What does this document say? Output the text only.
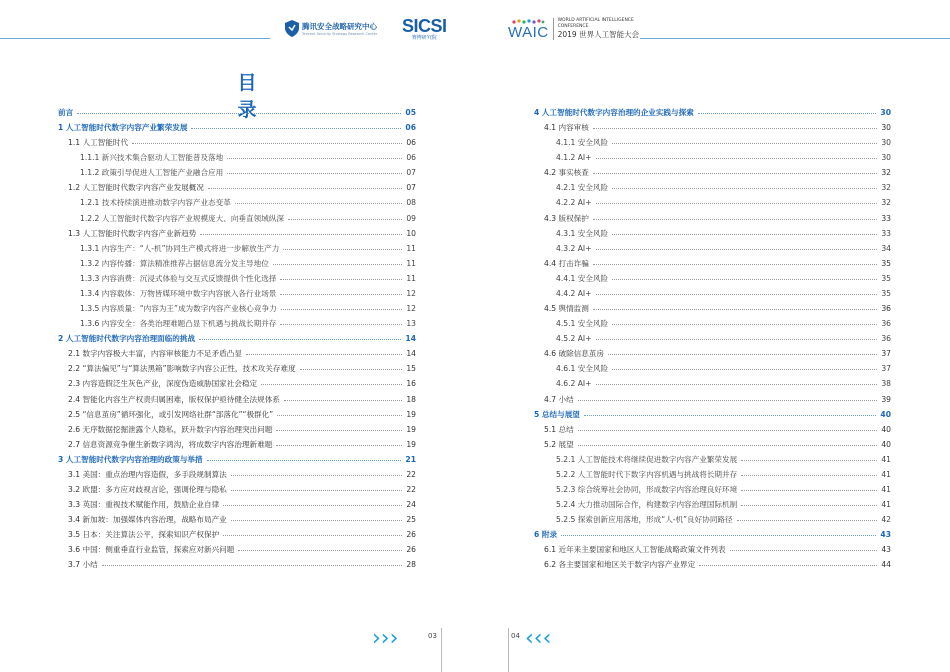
腾讯安全战略研究中心
Tencent Security Strategy Research Center SICSI
赛博研究院	WAIC
WORLD ARTIFICIAL INTELLIGENCE
CONFERENCE
2019 世界人工智能大会
目 录
前言	05
1 人工智能时代数字内容产业繁荣发展	06
1.1 人工智能时代	06
1.1.1 新兴技术集合驱动人工智能普及落地	06
1.1.2 政策引导促进人工智能产业融合应用	07
1.2 人工智能时代数字内容产业发展概况	07
1.2.1 技术持续演进推动数字内容产业态变革	08
1.2.2 人工智能时代数字内容产业规模庞大、向垂直领域纵深	09
1.3 人工智能时代数字内容产业新趋势	10
1.3.1 内容生产：“人-机”协同生产模式将进一步解放生产力	11
1.3.2 内容传播：算法精准推荐占据信息流分发主导地位	11
1.3.3 内容消费：沉浸式体验与交互式反馈提供个性化选择	11
1.3.4 内容载体：万物皆媒环境中数字内容嵌入各行业场景	12
1.3.5 内容质量：“内容为王”成为数字内容产业核心竞争力	12
1.3.6 内容安全：各类治理难题凸显下机遇与挑战长期并存	13
2 人工智能时代数字内容治理面临的挑战	14
2.1 数字内容极大丰富，内容审核能力不足矛盾凸显	14
2.2 “算法偏见”与“算法黑箱”影响数字内容公正性，技术攻关存难度	15
2.3 内容造假泛生灰色产业，深度伪造威胁国家社会稳定	16
2.4 智能化内容生产权责归属困难，版权保护亟待健全法规体系	18
2.5 “信息茧房”循环强化，或引发网络社群“部落化”“极群化”	19
2.6 无序数据挖掘泄露个人隐私，跃升数字内容治理突出问题	19
2.7 信息资源竞争催生新数字鸿沟，将成数字内容治理新难题	19
3 人工智能时代数字内容治理的政策与举措	21
3.1 美国：重点治理内容造假，多手段规制算法	22
3.2 欧盟：多方应对歧视言论，强调伦理与隐私	22
3.3 英国：重视技术赋能作用，鼓励企业自律	24
3.4 新加坡：加强媒体内容治理，战略布局产业	25
3.5 日本：关注算法公平，探索知识产权保护	26
3.6 中国：侧重垂直行业监管，探索应对新兴问题	26
3.7 小结	28
4 人工智能时代数字内容治理的企业实践与探索	30
4.1 内容审核	30
4.1.1 安全风险	30
4.1.2 AI+	30
4.2 事实核查	32
4.2.1 安全风险	32
4.2.2 AI+	32
4.3 版权保护	33
4.3.1 安全风险	33
4.3.2 AI+	34
4.4 打击诈骗	35
4.4.1 安全风险	35
4.4.2 AI+	35
4.5 舆情监测	36
4.5.1 安全风险	36
4.5.2 AI+	36
4.6 破除信息茧房	37
4.6.1 安全风险	37
4.6.2 AI+	38
4.7 小结	39
5 总结与展望	40
5.1 总结	40
5.2 展望	40
5.2.1 人工智能技术将继续促进数字内容产业繁荣发展	41
5.2.2 人工智能时代下数字内容机遇与挑战将长期并存	41
5.2.3 综合统筹社会协同，形成数字内容治理良好环境	41
5.2.4 大力推动国际合作，构建数字内容治理国际机制	41
5.2.5 探索创新应用落地，形成“人-机”良好协同路径	42
6 附录	43
6.1 近年来主要国家和地区人工智能战略政策文件列表	43
6.2 各主要国家和地区关于数字内容产业界定	44
›››	03	04 ‹‹‹
